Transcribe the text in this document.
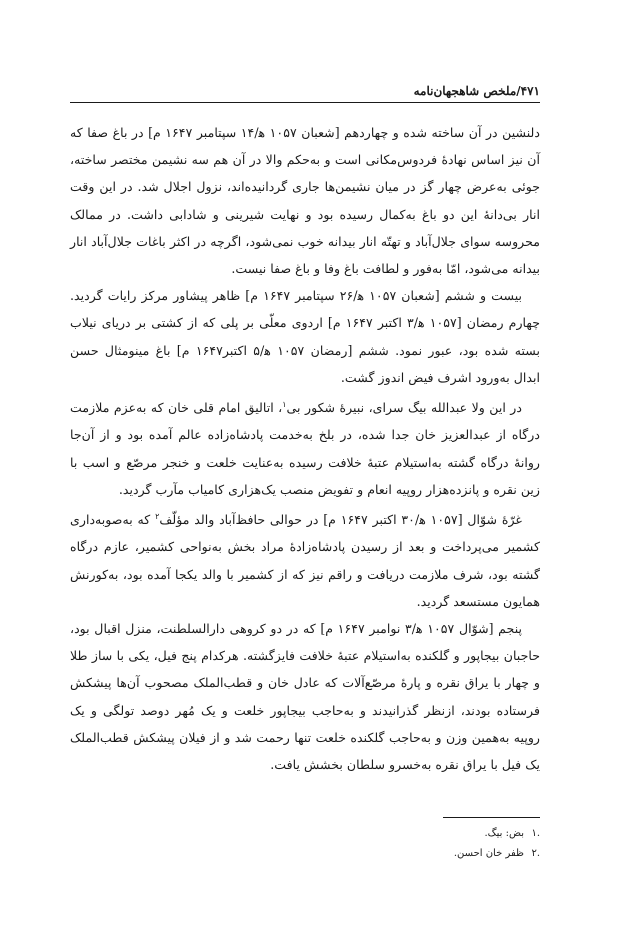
۴۷۱/ملخص شاهجهان‌نامه

دلنشین در آن ساخته شده و چهاردهم [شعبان ۱۰۵۷ ه‍/۱۴ سپتامبر ۱۶۴۷ م] در باغ صفا که آن نیز اساس نهادهٔ فردوس‌مکانی است و به‌حکم والا در آن هم سه نشیمن مختصر ساخته، جوئی به‌عرض چهار گز در میان نشیمن‌ها جاری گردانیده‌اند، نزول اجلال شد. در این وقت انار بی‌دانهٔ این دو باغ به‌کمال رسیده بود و نهایت شیرینی و شادابی داشت. در ممالک محروسه سوای جلال‌آباد و تهتّه انار بیدانه خوب نمی‌شود، اگرچه در اکثر باغات جلال‌آباد انار بیدانه می‌شود، امّا به‌فور و لطافت باغ وفا و باغ صفا نیست.

بیست و ششم [شعبان ۱۰۵۷ ه‍/۲۶ سپتامبر ۱۶۴۷ م] ظاهر پیشاور مرکز رایات گردید. چهارم رمضان [۱۰۵۷ ه‍/۳ اکتبر ۱۶۴۷ م] اردوی معلّی بر پلی که از کشتی بر دریای نیلاب بسته شده بود، عبور نمود. ششم [رمضان ۱۰۵۷ ه‍/۵ اکتبر۱۶۴۷ م] باغ مینومثال حسن ابدال به‌ورود اشرف فیض اندوز گشت.

در این ولا عبدالله بیگ سرای، نبیرهٔ شکور بی$^۱$، اتالیق امام قلی خان که به‌عزم ملازمت درگاه از عبدالعزیز خان جدا شده، در بلخ به‌خدمت پادشاه‌زاده عالم آمده بود و از آن‌جا روانهٔ درگاه گشته به‌استیلام عتبهٔ خلافت رسیده به‌عنایت خلعت و خنجر مرصّع و اسب با زین نقره و پانزده‌هزار روپیه انعام و تفویض منصب یک‌هزاری کامیاب مآرب گردید.

غرّهٔ شوّال [۱۰۵۷ ه‍/۳۰ اکتبر ۱۶۴۷ م] در حوالی حافظ‌آباد والد مؤلّف$^۲$ که به‌صوبه‌داری کشمیر می‌پرداخت و بعد از رسیدن پادشاه‌زادهٔ مراد بخش به‌نواحی کشمیر، عازم درگاه گشته بود، شرف ملازمت دریافت و راقم نیز که از کشمیر با والد یکجا آمده بود، به‌کورنش همایون مستسعد گردید.

پنجم [شوّال ۱۰۵۷ ه‍/۳ نوامبر ۱۶۴۷ م] که در دو کروهی دارالسلطنت، منزل اقبال بود، حاجبان بیجاپور و گلکنده به‌استیلام عتبهٔ خلافت فایزگشته. هرکدام پنج فیل، یکی با ساز طلا و چهار با یراق نقره و پارهٔ مرصّع‌آلات که عادل خان و قطب‌الملک مصحوب آن‌ها پیشکش فرستاده بودند، ازنظر گذرانیدند و به‌حاجب بیجاپور خلعت و یک مُهر دوصد تولگی و یک روپیه به‌همین وزن و به‌حاجب گلکنده خلعت تنها رحمت شد و از فیلان پیشکش قطب‌الملک یک فیل با یراق نقره به‌خسرو سلطان بخشش یافت.

.۱
بض: بیگ.
.۲
ظفر خان احسن.
